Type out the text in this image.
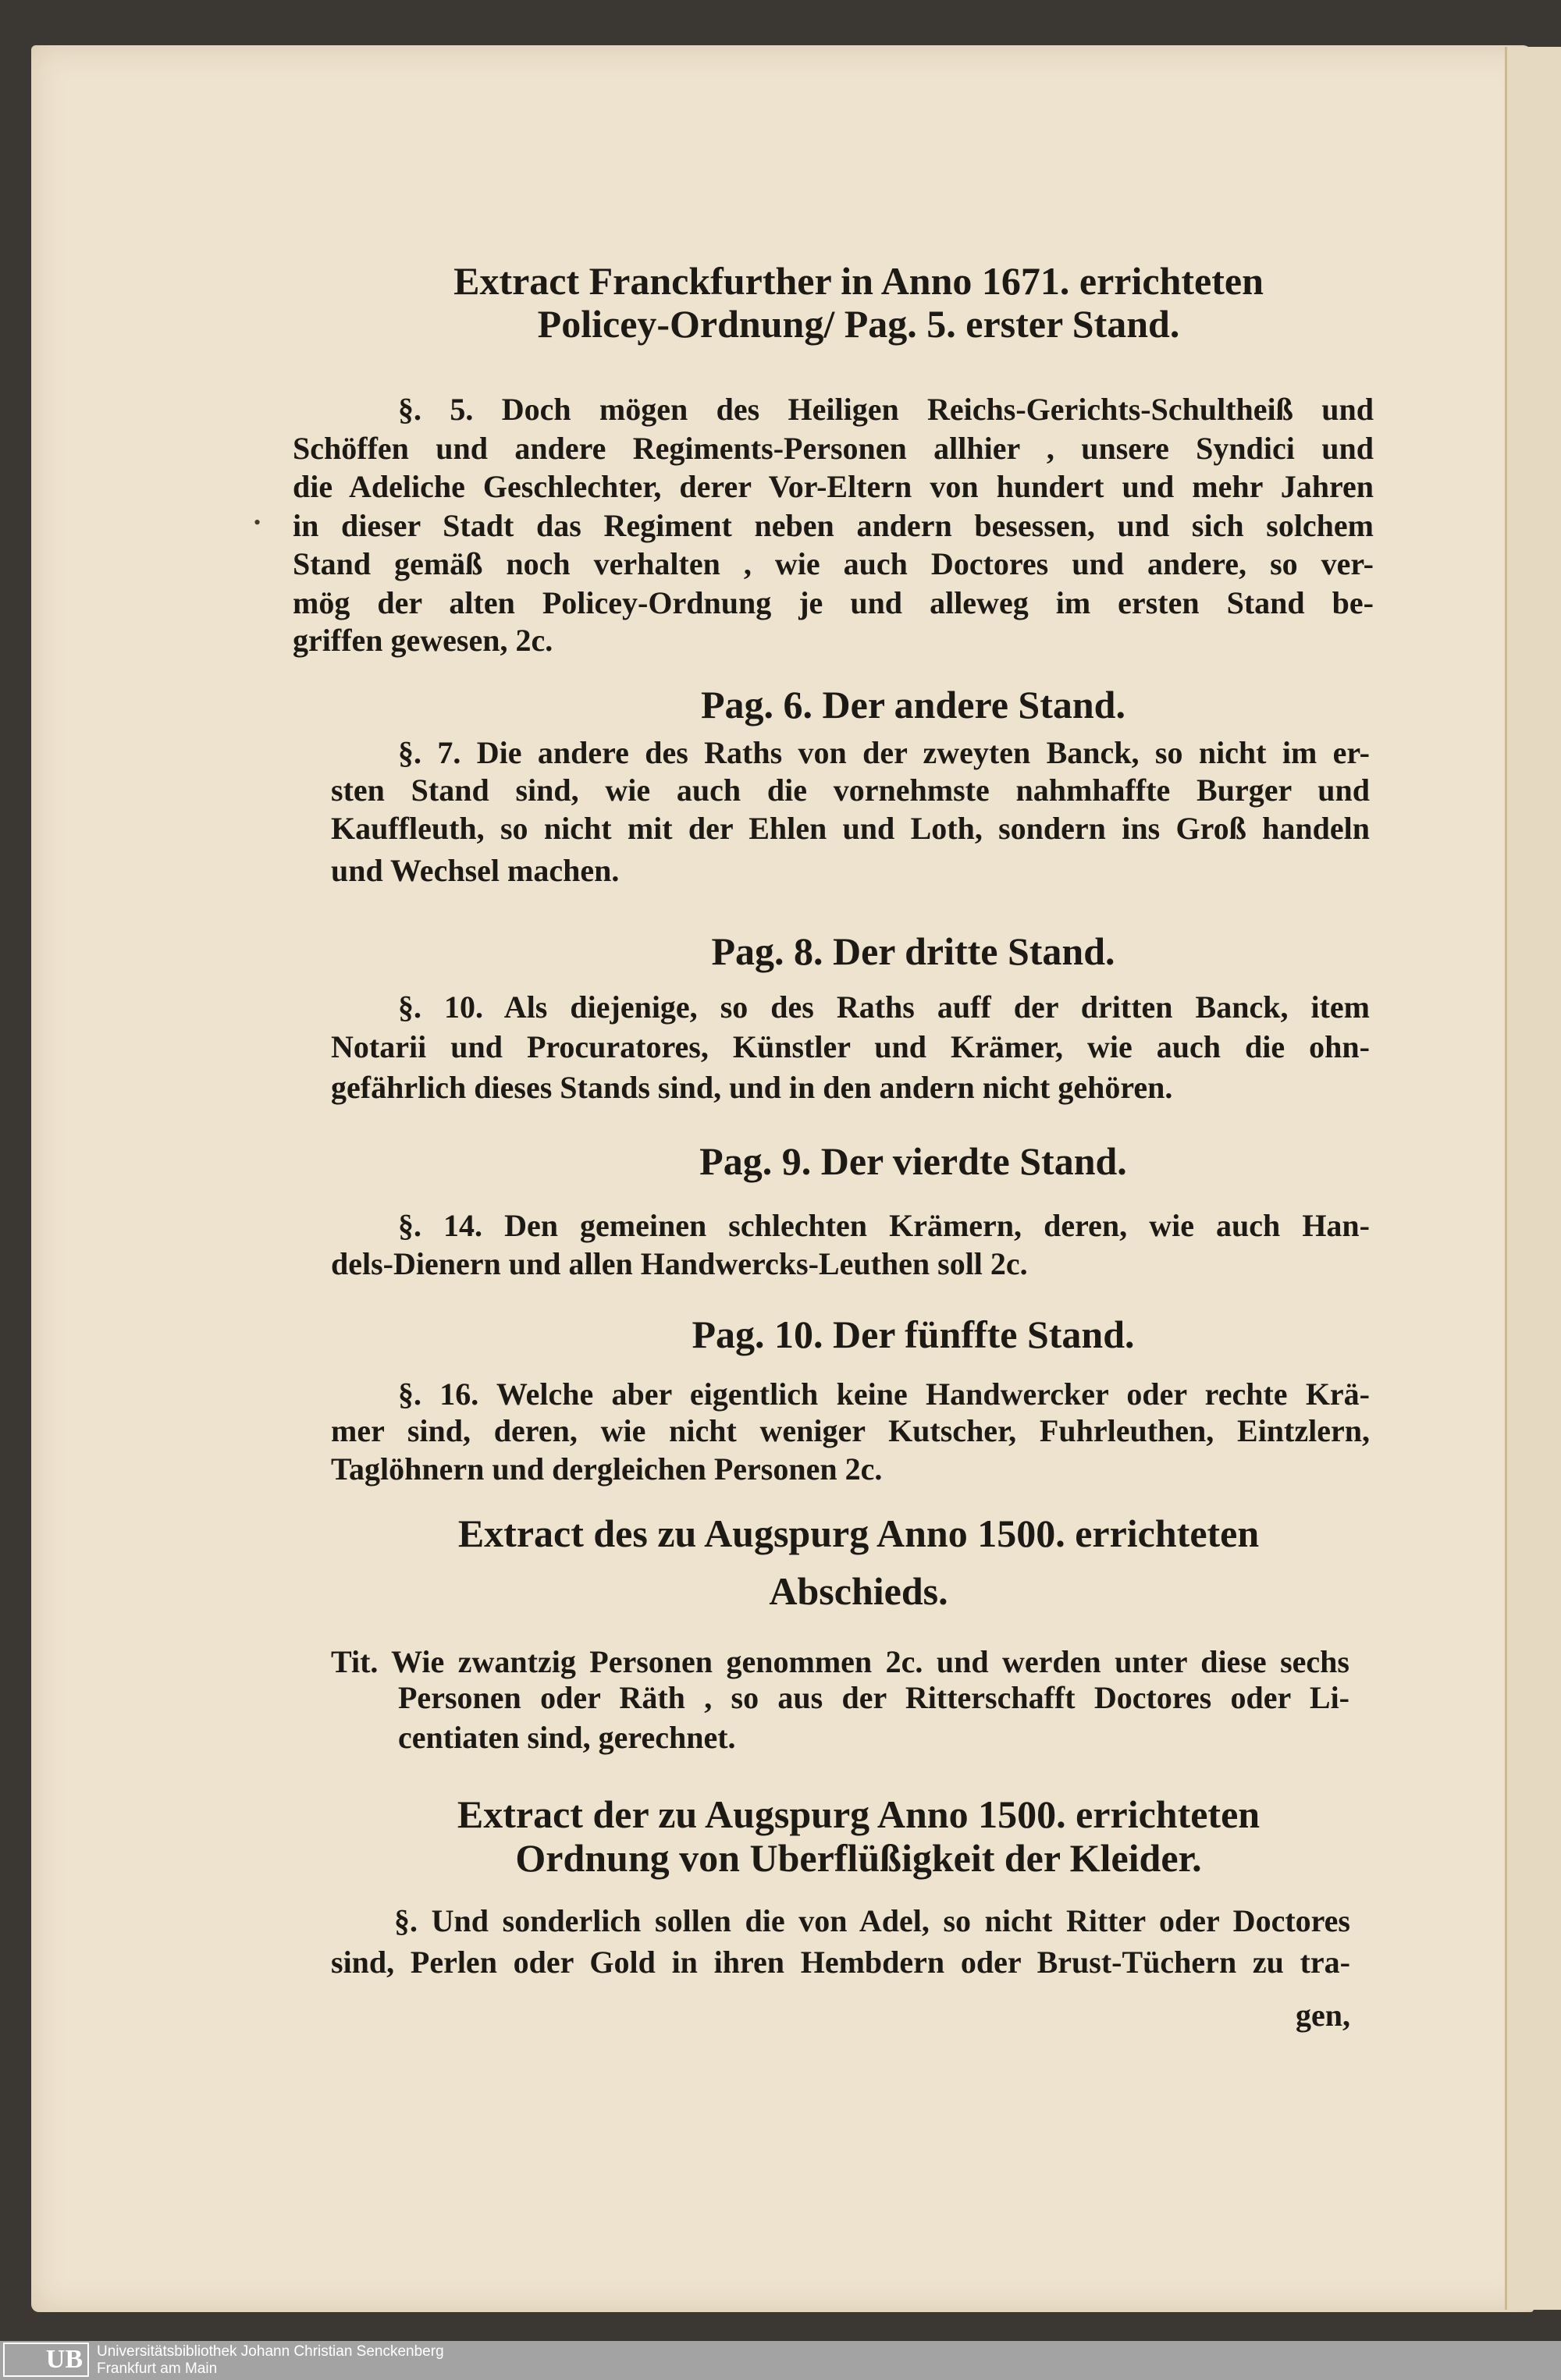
•
Extract Franckfurther in Anno 1671. errichteten
Policey-Ordnung/ Pag. 5. erster Stand.
§. 5. Doch mögen des Heiligen Reichs-Gerichts-Schultheiß und
Schöffen und andere Regiments-Personen allhier , unsere Syndici und
die Adeliche Geschlechter, derer Vor-Eltern von hundert und mehr Jahren
in dieser Stadt das Regiment neben andern besessen, und sich solchem
Stand gemäß noch verhalten , wie auch Doctores und andere, so ver-
mög der alten Policey-Ordnung je und alleweg im ersten Stand be-
griffen gewesen, 2c.
Pag. 6. Der andere Stand.
§. 7. Die andere des Raths von der zweyten Banck, so nicht im er-
sten Stand sind, wie auch die vornehmste nahmhaffte Burger und
Kauffleuth, so nicht mit der Ehlen und Loth, sondern ins Groß handeln
und Wechsel machen.
Pag. 8. Der dritte Stand.
§. 10. Als diejenige, so des Raths auff der dritten Banck, item
Notarii und Procuratores, Künstler und Krämer, wie auch die ohn-
gefährlich dieses Stands sind, und in den andern nicht gehören.
Pag. 9. Der vierdte Stand.
§. 14. Den gemeinen schlechten Krämern, deren, wie auch Han-
dels-Dienern und allen Handwercks-Leuthen soll 2c.
Pag. 10. Der fünffte Stand.
§. 16. Welche aber eigentlich keine Handwercker oder rechte Krä-
mer sind, deren, wie nicht weniger Kutscher, Fuhrleuthen, Eintzlern,
Taglöhnern und dergleichen Personen 2c.
Extract des zu Augspurg Anno 1500. errichteten
Abschieds.
Tit. Wie zwantzig Personen genommen 2c. und werden unter diese sechs
Personen oder Räth , so aus der Ritterschafft Doctores oder Li-
centiaten sind, gerechnet.
Extract der zu Augspurg Anno 1500. errichteten
Ordnung von Uberflüßigkeit der Kleider.
§. Und sonderlich sollen die von Adel, so nicht Ritter oder Doctores
sind, Perlen oder Gold in ihren Hembdern oder Brust-Tüchern zu tra-
gen,
UB Universitätsbibliothek Johann Christian Senckenberg
Frankfurt am Main
